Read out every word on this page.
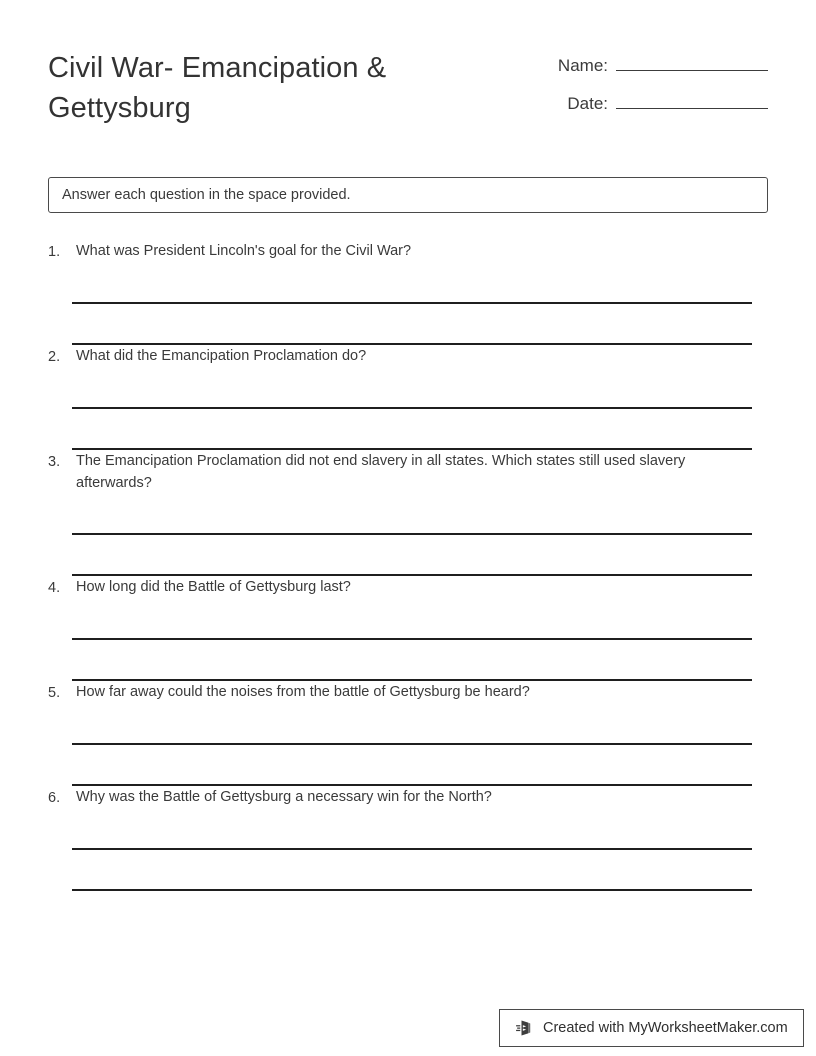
Civil War- Emancipation & Gettysburg
Name:
Date:
Answer each question in the space provided.
1.	What was President Lincoln's goal for the Civil War?
2.	What did the Emancipation Proclamation do?
3.	The Emancipation Proclamation did not end slavery in all states. Which states still used slavery afterwards?
4.	How long did the Battle of Gettysburg last?
5.	How far away could the noises from the battle of Gettysburg be heard?
6.	Why was the Battle of Gettysburg a necessary win for the North?
Created with MyWorksheetMaker.com
